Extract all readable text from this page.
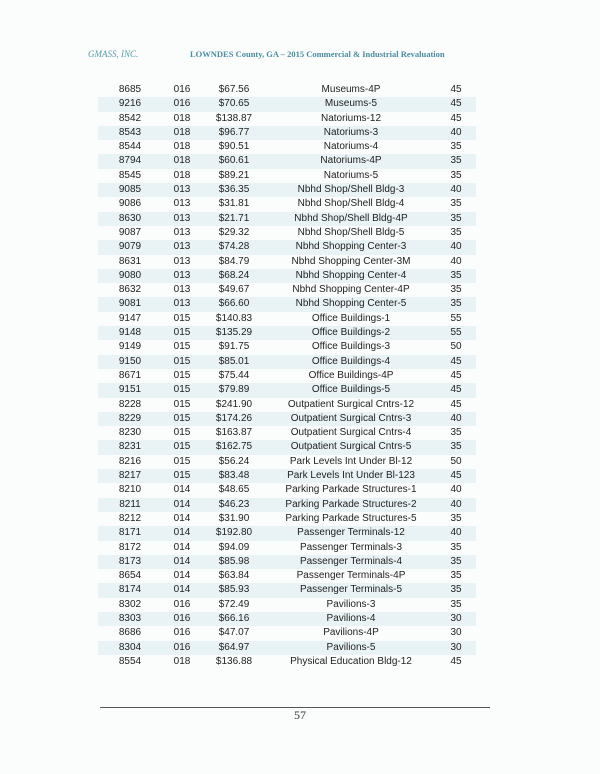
GMASS, INC.	LOWNDES County, GA – 2015 Commercial & Industrial Revaluation
8685	016	$67.56	Museums-4P	45
9216	016	$70.65	Museums-5	45
8542	018	$138.87	Natoriums-12	45
8543	018	$96.77	Natoriums-3	40
8544	018	$90.51	Natoriums-4	35
8794	018	$60.61	Natoriums-4P	35
8545	018	$89.21	Natoriums-5	35
9085	013	$36.35	Nbhd Shop/Shell Bldg-3	40
9086	013	$31.81	Nbhd Shop/Shell Bldg-4	35
8630	013	$21.71	Nbhd Shop/Shell Bldg-4P	35
9087	013	$29.32	Nbhd Shop/Shell Bldg-5	35
9079	013	$74.28	Nbhd Shopping Center-3	40
8631	013	$84.79	Nbhd Shopping Center-3M	40
9080	013	$68.24	Nbhd Shopping Center-4	35
8632	013	$49.67	Nbhd Shopping Center-4P	35
9081	013	$66.60	Nbhd Shopping Center-5	35
9147	015	$140.83	Office Buildings-1	55
9148	015	$135.29	Office Buildings-2	55
9149	015	$91.75	Office Buildings-3	50
9150	015	$85.01	Office Buildings-4	45
8671	015	$75.44	Office Buildings-4P	45
9151	015	$79.89	Office Buildings-5	45
8228	015	$241.90	Outpatient Surgical Cntrs-12	45
8229	015	$174.26	Outpatient Surgical Cntrs-3	40
8230	015	$163.87	Outpatient Surgical Cntrs-4	35
8231	015	$162.75	Outpatient Surgical Cntrs-5	35
8216	015	$56.24	Park Levels Int Under Bl-12	50
8217	015	$83.48	Park Levels Int Under Bl-123	45
8210	014	$48.65	Parking Parkade Structures-1	40
8211	014	$46.23	Parking Parkade Structures-2	40
8212	014	$31.90	Parking Parkade Structures-5	35
8171	014	$192.80	Passenger Terminals-12	40
8172	014	$94.09	Passenger Terminals-3	35
8173	014	$85.98	Passenger Terminals-4	35
8654	014	$63.84	Passenger Terminals-4P	35
8174	014	$85.93	Passenger Terminals-5	35
8302	016	$72.49	Pavilions-3	35
8303	016	$66.16	Pavilions-4	30
8686	016	$47.07	Pavilions-4P	30
8304	016	$64.97	Pavilions-5	30
8554	018	$136.88	Physical Education Bldg-12	45
57
